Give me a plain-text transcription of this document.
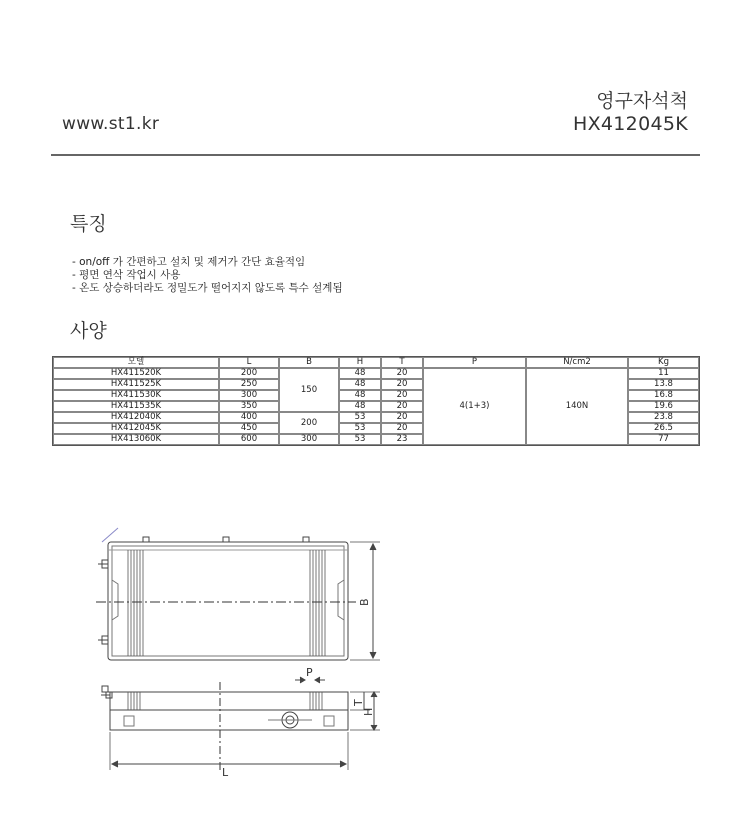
www.st1.kr
영구자석척
HX412045K
특징
- on/off 가 간편하고 설치 및 제거가 간단 효율적임
- 평면 연삭 작업시 사용
- 온도 상승하더라도 정밀도가 떨어지지 않도록 특수 설계됨
사양
모델	L	B	H	T	P	N/cm2	Kg
HX411520K	200	150	48	20	4(1+3)	140N	11
HX411525K	250		48	20			13.8
HX411530K	300		48	20			16.8
HX411535K	350		48	20			19.6
HX412040K	400	200	53	20			23.8
HX412045K	450		53	20			26.5
HX413060K	600	300	53	23			77
B
P
T
H
L
